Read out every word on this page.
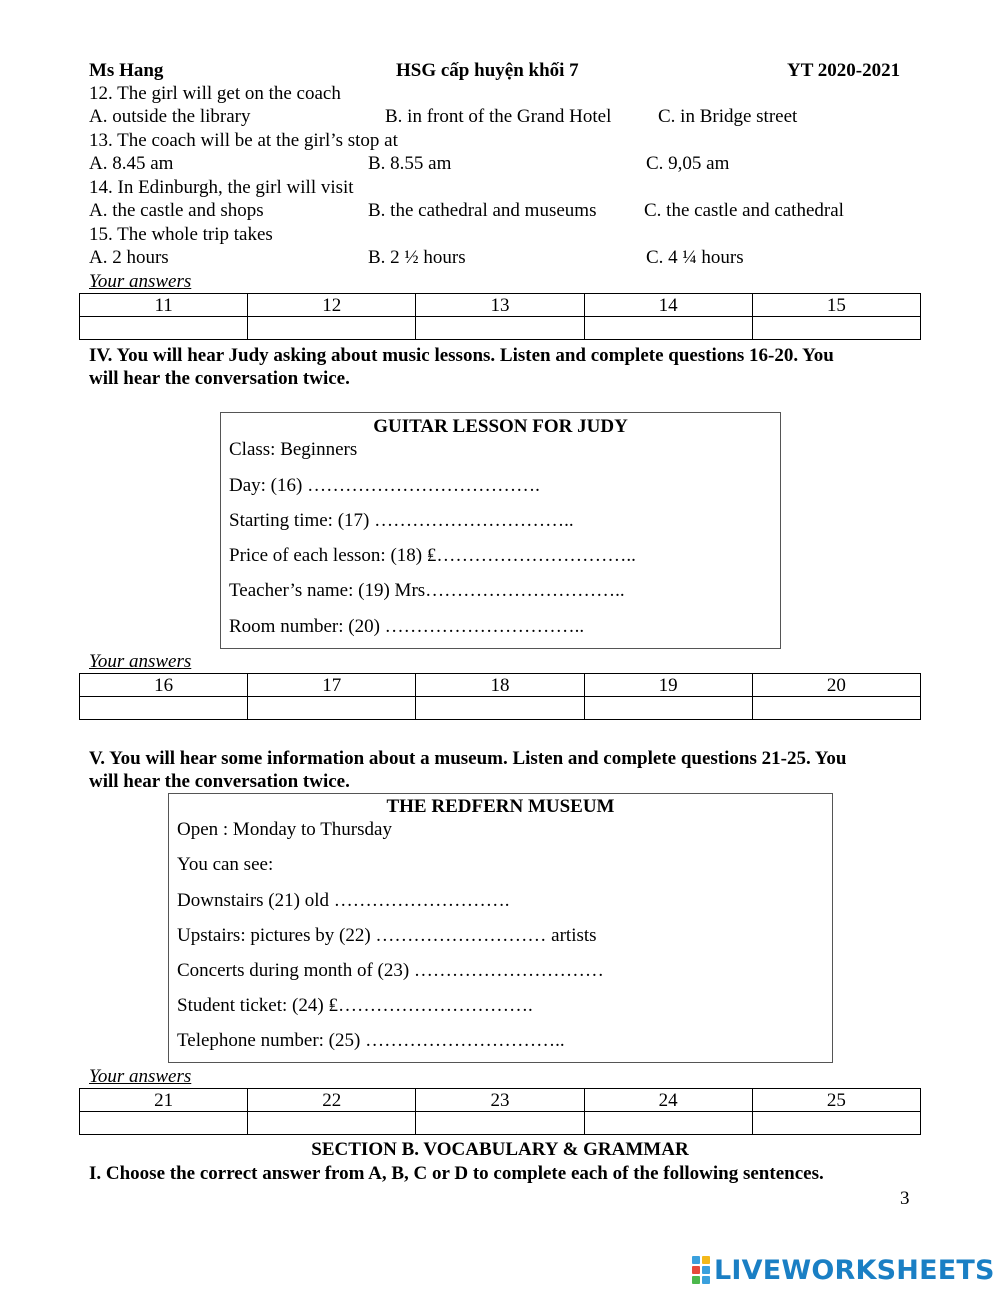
Ms Hang	HSG cấp huyện khối 7	YT 2020-2021
12. The girl will get on the coach
A. outside the library	B. in front of the Grand Hotel C. in Bridge street
13. The coach will be at the girl’s stop at
A. 8.45 am	B. 8.55 am	C. 9,05 am
14. In Edinburgh, the girl will visit
A. the castle and shops	B. the cathedral and museums	C. the castle and cathedral
15. The whole trip takes
A. 2 hours	B. 2 ½ hours	C. 4 ¼ hours
Your answers
11	12	13	14	15

IV. You will hear Judy asking about music lessons. Listen and complete questions 16-20. You
will hear the conversation twice.
GUITAR LESSON FOR JUDY
Class: Beginners
Day: (16) ……………………………….
Starting time: (17) …………………………..
Price of each lesson: (18) ₤…………………………..
Teacher’s name: (19) Mrs…………………………..
Room number: (20) …………………………..
Your answers
16	17	18	19	20

V. You will hear some information about a museum. Listen and complete questions 21-25. You
will hear the conversation twice.
THE REDFERN MUSEUM
Open : Monday to Thursday
You can see:
Downstairs (21) old ……………………….
Upstairs: pictures by (22) ……………………… artists
Concerts during month of (23) …………………………
Student ticket: (24) ₤………………………….
Telephone number: (25) …………………………..
Your answers
21	22	23	24	25

SECTION B. VOCABULARY & GRAMMAR
I. Choose the correct answer from A, B, C or D to complete each of the following sentences.
3
LIVEWORKSHEETS
